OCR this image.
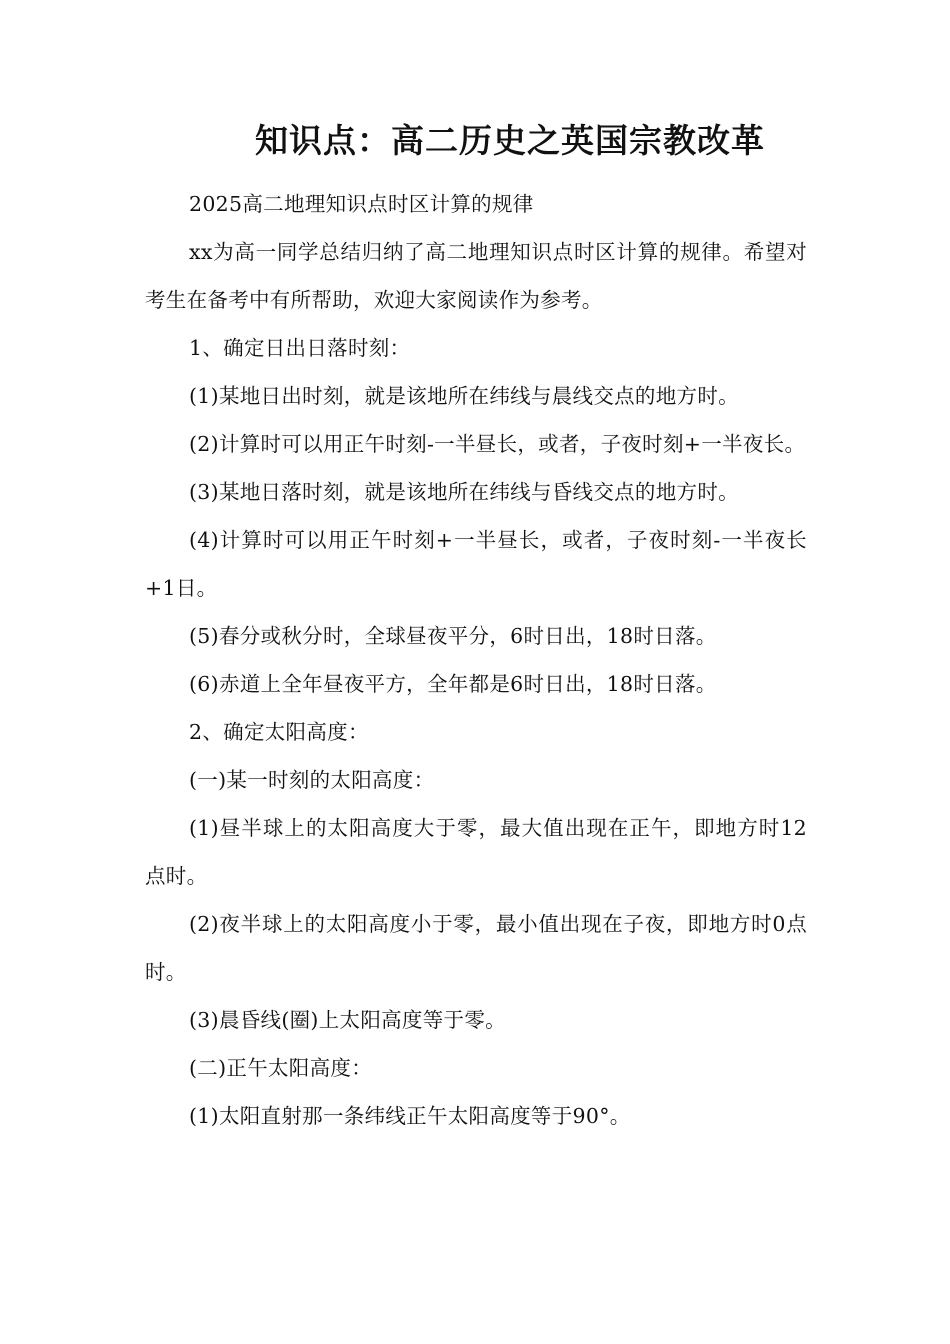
知识点：高二历史之英国宗教改革

2025高二地理知识点时区计算的规律

xx为高一同学总结归纳了高二地理知识点时区计算的规律。希望对考生在备考中有所帮助，欢迎大家阅读作为参考。

1、确定日出日落时刻：

(1)某地日出时刻，就是该地所在纬线与晨线交点的地方时。

(2)计算时可以用正午时刻-一半昼长，或者，子夜时刻+一半夜长。

(3)某地日落时刻，就是该地所在纬线与昏线交点的地方时。

(4)计算时可以用正午时刻+一半昼长，或者，子夜时刻-一半夜长+1日。

(5)春分或秋分时，全球昼夜平分，6时日出，18时日落。

(6)赤道上全年昼夜平方，全年都是6时日出，18时日落。

2、确定太阳高度：

(一)某一时刻的太阳高度：

(1)昼半球上的太阳高度大于零，最大值出现在正午，即地方时12点时。

(2)夜半球上的太阳高度小于零，最小值出现在子夜，即地方时0点时。

(3)晨昏线(圈)上太阳高度等于零。

(二)正午太阳高度：

(1)太阳直射那一条纬线正午太阳高度等于90°。
